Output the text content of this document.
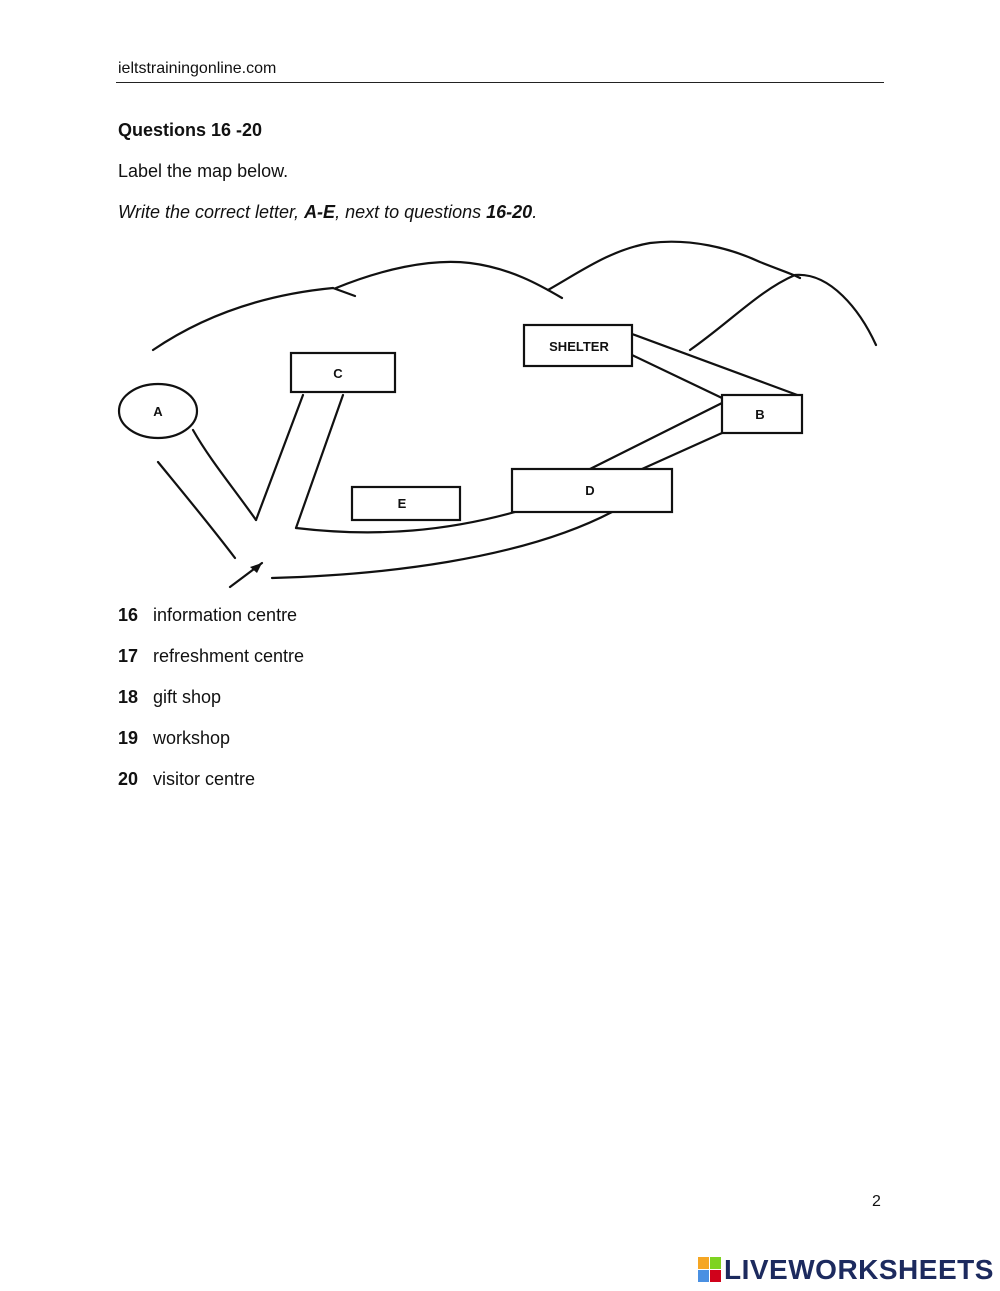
ieltstrainingonline.com
Questions 16 -20
Label the map below.
Write the correct letter, A-E, next to questions 16-20.
A
C
SHELTER
B
E
D
16 information centre
17 refreshment centre
18 gift shop
19 workshop
20 visitor centre
2
LIVEWORKSHEETS
